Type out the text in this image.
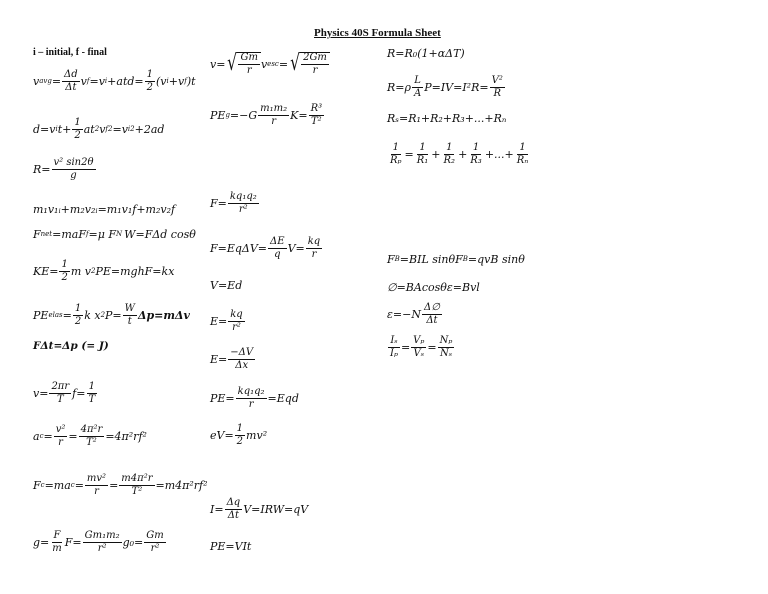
Physics 40S Formula Sheet
i – initial, f - final
v avg =
Δd
Δt v f =v $i +atd= \frac{1}{2} (v$ i +v f )t
d=v i $t+ \frac{1}{2}$ at 2 v f 2 =v i 2 +2ad
$R= \frac{\text{v² sin2θ}}{g}$
m₁v₁ᵢ+m₂v₂ᵢ=m₁v₁f+m₂v₂f
F net =maF f =μ F N W=FΔd cosθ
$KE= \frac{1}{2}$ m v 2 PE=mghF=kx
PE elas =
1
2 k x 2 $P= \frac{W}{t} \Delta p=m\Delta v$
FΔt=Δp (= J)
$v= \frac{2\pi r}{T} f= \frac{1}{T}$
a c =
v²
$r = \frac{\text{4π²r}}{\text{T²}} =4\pi^2rf^2$
F c =ma c =
mv²
$r = \frac{\text{m4π²r}}{\text{T²}} =m4\pi^2rf^2$
$g= \frac{F}{m} F= \frac{\text{Gm₁m₂}}{\text{r²}} g_0= \frac{Gm}{\text{r²}}$
v= √ Gm
r v esc = √ 2Gm
r
PE g =−G
m₁m₂
r $K= \frac{\text{R³}}{\text{T²}}$
$F= \frac{\text{kq₁q₂}}{\text{r²}}$
$F=Eq\Delta V= \frac{\Delta E}{q} V= \frac{kq}{r}$
V=Ed
$E= \frac{kq}{\text{r²}}$
$E= \frac{-\Delta V}{\Delta x}$
$PE= \frac{\text{kq₁q₂}}{r} =Eqd$
$eV= \frac{1}{2} mv^2$
$I= \frac{\Delta q}{\Delta t} V=IRW=qV$
PE=VIt
R=R₀(1+αΔT)
R=ρ
L
A $P=IV=I^2R= \frac{\text{V²}}{R}$
Rₛ=R₁+R₂+R₃+...+Rₙ
1
Rₚ =
1
R₁ +
1
R₂ +
1
R₃ +...+ $\frac{1}{\text{Rₙ}}$
F B =BIL sinθF B =qvB sinθ
∅=BAcosθε=Bvl
ε=−N
Δ∅
Δt
Iₛ
Iₚ =
Vₚ
Vₛ =
Nₚ
Nₛ
